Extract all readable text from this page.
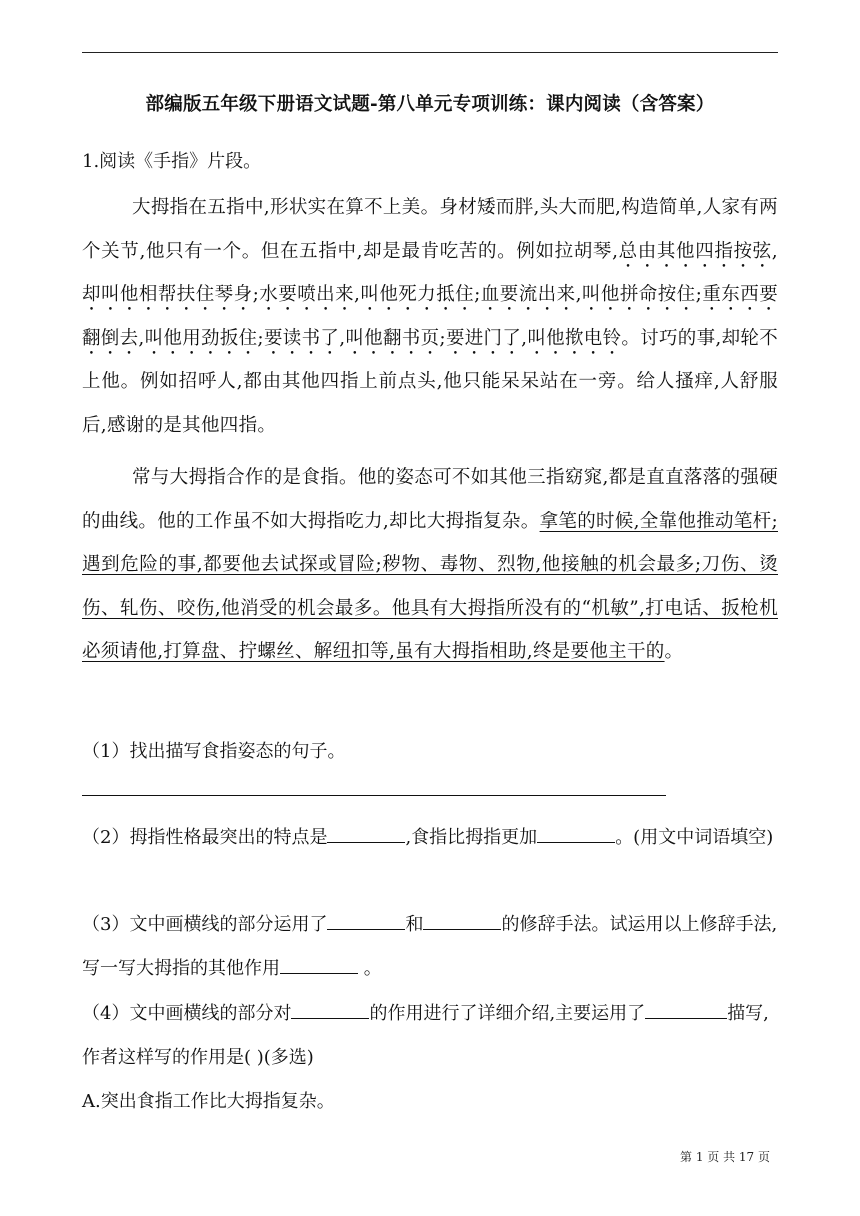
部编版五年级下册语文试题-第八单元专项训练：课内阅读（含答案）
1.阅读《手指》片段。
大拇指在五指中,形状实在算不上美。身材矮而胖,头大而肥,构造简单,人家有两个关节,他只有一个。但在五指中,却是最肯吃苦的。例如拉胡琴,总由其他四指按弦,却叫他相帮扶住琴身;水要喷出来,叫他死力抵住;血要流出来,叫他拼命按住;重东西要翻倒去,叫他用劲扳住;要读书了,叫他翻书页;要进门了,叫他揿电铃。讨巧的事,却轮不上他。例如招呼人,都由其他四指上前点头,他只能呆呆站在一旁。给人搔痒,人舒服后,感谢的是其他四指。
常与大拇指合作的是食指。他的姿态可不如其他三指窈窕,都是直直落落的强硬的曲线。他的工作虽不如大拇指吃力,却比大拇指复杂。拿笔的时候,全靠他推动笔杆;遇到危险的事,都要他去试探或冒险;秽物、毒物、烈物,他接触的机会最多;刀伤、烫伤、轧伤、咬伤,他消受的机会最多。他具有大拇指所没有的“机敏”,打电话、扳枪机必须请他,打算盘、拧螺丝、解纽扣等,虽有大拇指相助,终是要他主干的。
（1）找出描写食指姿态的句子。
（2）拇指性格最突出的特点是	,食指比拇指更加	。(用文中词语填空)
（3）文中画横线的部分运用了	和	的修辞手法。试运用以上修辞手法,写一写大拇指的其他作用	。
（4）文中画横线的部分对	的作用进行了详细介绍,主要运用了	描写,作者这样写的作用是( )(多选)
A.突出食指工作比大拇指复杂。
第 1 页 共 17 页
